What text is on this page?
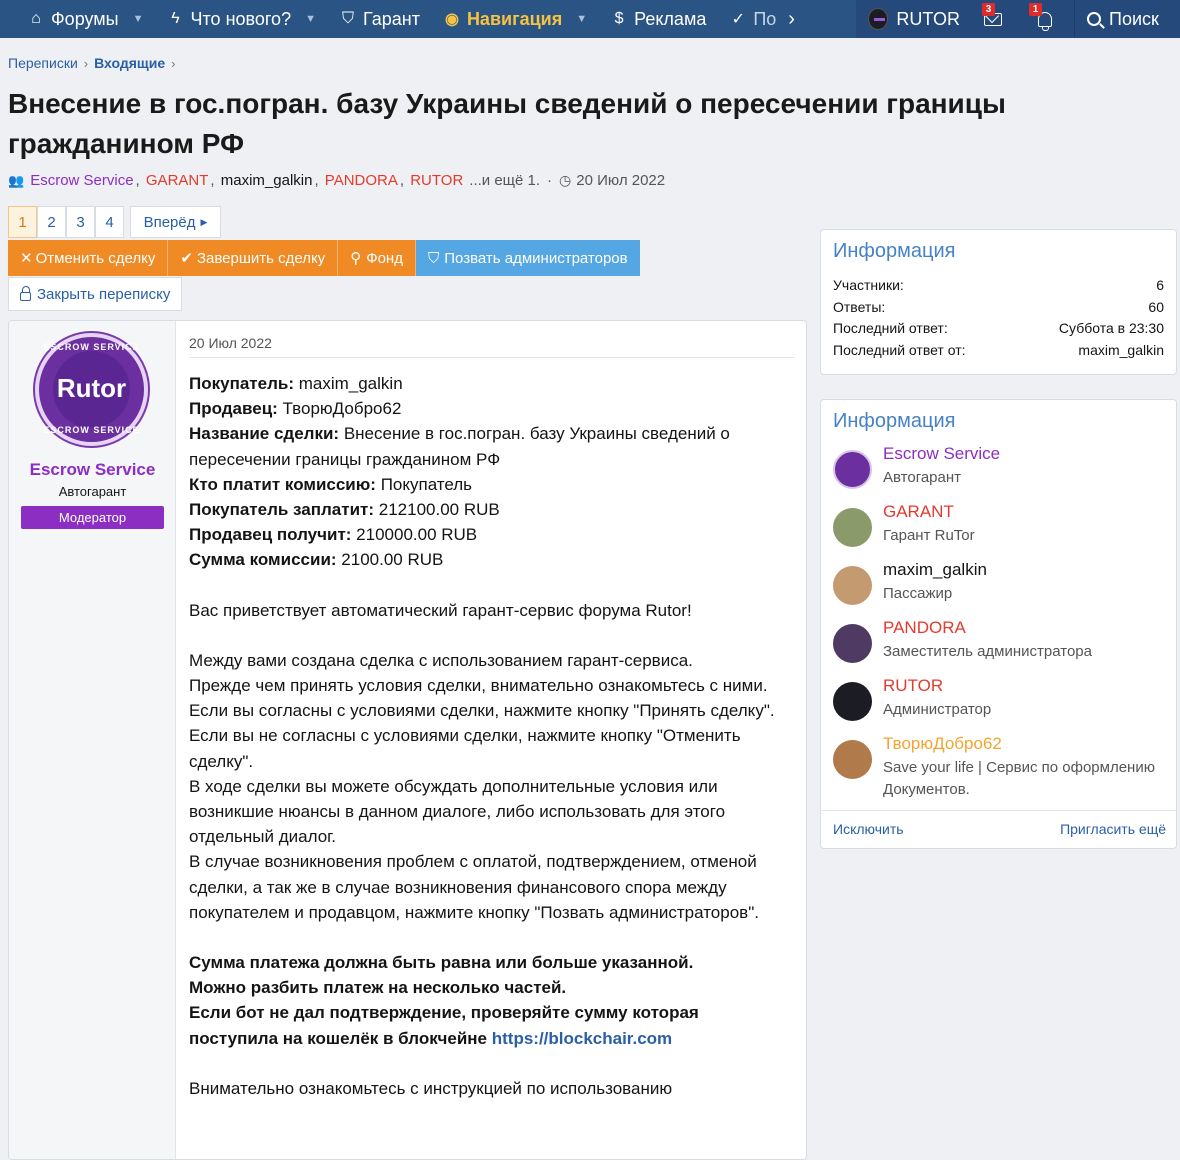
⌂ Форумы ▼	ϟ Что нового? ▼ ⛉ Гарант ◉ Навигация ▼	$ Реклама ✓ По ›	RUTOR	3	1	Поиск
Переписки › Входящие ›
Внесение в гос.погран. базу Украины сведений о пересечении границы гражданином РФ
👥 Escrow Service , GARANT , maxim_galkin , PANDORA , RUTOR ...и ещё 1. · ◷ 20 Июл 2022
1	2	3	4	Вперёд ▶
✕ Отменить сделку ✔ Завершить сделку ⚲ Фонд ⛉ Позвать администраторов
Закрыть переписку
ESCROW SERVICE
Rutor
ESCROW SERVICE
Escrow Service
Автогарант
Модератор
20 Июл 2022
Покупатель: maxim_galkin
Продавец: ТворюДобро62
Название сделки: Внесение в гос.погран. базу Украины сведений о пересечении границы гражданином РФ
Кто платит комиссию: Покупатель
Покупатель заплатит: 212100.00 RUB
Продавец получит: 210000.00 RUB
Сумма комиссии: 2100.00 RUB
Вас приветствует автоматический гарант-сервис форума Rutor!
Между вами создана сделка с использованием гарант-сервиса.
Прежде чем принять условия сделки, внимательно ознакомьтесь с ними.
Если вы согласны с условиями сделки, нажмите кнопку "Принять сделку". Если вы не согласны с условиями сделки, нажмите кнопку "Отменить сделку".
В ходе сделки вы можете обсуждать дополнительные условия или возникшие нюансы в данном диалоге, либо использовать для этого отдельный диалог.
В случае возникновения проблем с оплатой, подтверждением, отменой сделки, а так же в случае возникновения финансового спора между покупателем и продавцом, нажмите кнопку "Позвать администраторов".
Сумма платежа должна быть равна или больше указанной.
Можно разбить платеж на несколько частей.
Если бот не дал подтверждение, проверяйте сумму которая поступила на кошелёк в блокчейне https://blockchair.com
Внимательно ознакомьтесь с инструкцией по использованию
Информация
Участники:	6
Ответы:	60
Последний ответ:	Суббота в 23:30
Последний ответ от:	maxim_galkin
Информация
Escrow Service
Автогарант
GARANT
Гарант RuTor
maxim_galkin
Пассажир
PANDORA
Заместитель администратора
RUTOR
Администратор
ТворюДобро62
Save your life | Сервис по оформлению Документов.
Исключить	Пригласить ещё
